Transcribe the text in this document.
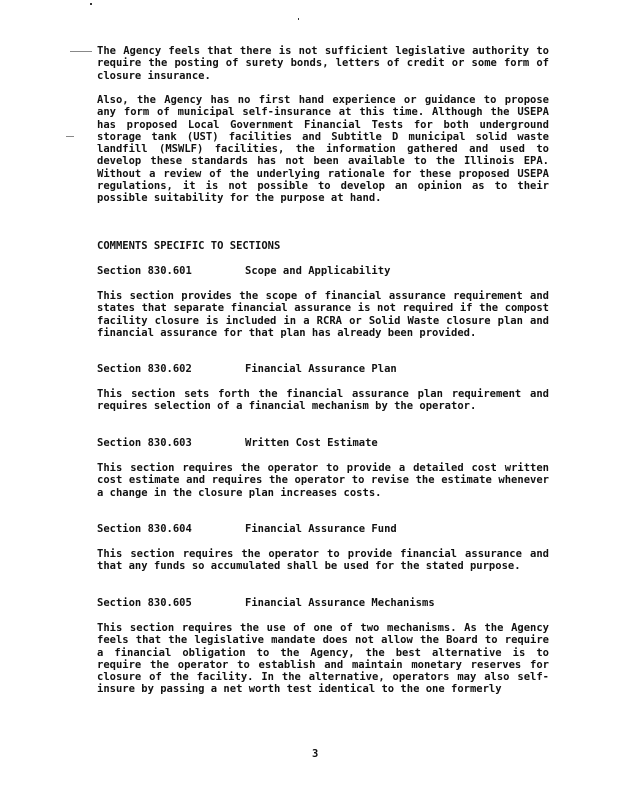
The Agency feels that there is not sufficient legislative authority to require the posting of surety bonds, letters of credit or some form of closure insurance.

Also, the Agency has no first hand experience or guidance to propose any form of municipal self-insurance at this time. Although the USEPA has proposed Local Government Financial Tests for both underground storage tank (UST) facilities and Subtitle D municipal solid waste landfill (MSWLF) facilities, the information gathered and used to develop these standards has not been available to the Illinois EPA. Without a review of the underlying rationale for these proposed USEPA regulations, it is not possible to develop an opinion as to their possible suitability for the purpose at hand.

COMMENTS SPECIFIC TO SECTIONS
Section 830.601	Scope and Applicability

This section provides the scope of financial assurance requirement and states that separate financial assurance is not required if the compost facility closure is included in a RCRA or Solid Waste closure plan and financial assurance for that plan has already been provided.

Section 830.602	Financial Assurance Plan

This section sets forth the financial assurance plan requirement and requires selection of a financial mechanism by the operator.

Section 830.603	Written Cost Estimate

This section requires the operator to provide a detailed cost written cost estimate and requires the operator to revise the estimate whenever a change in the closure plan increases costs.

Section 830.604	Financial Assurance Fund

This section requires the operator to provide financial assurance and that any funds so accumulated shall be used for the stated purpose.

Section 830.605	Financial Assurance Mechanisms

This section requires the use of one of two mechanisms. As the Agency feels that the legislative mandate does not allow the Board to require a financial obligation to the Agency, the best alternative is to require the operator to establish and maintain monetary reserves for closure of the facility. In the alternative, operators may also self-insure by passing a net worth test identical to the one formerly

3
